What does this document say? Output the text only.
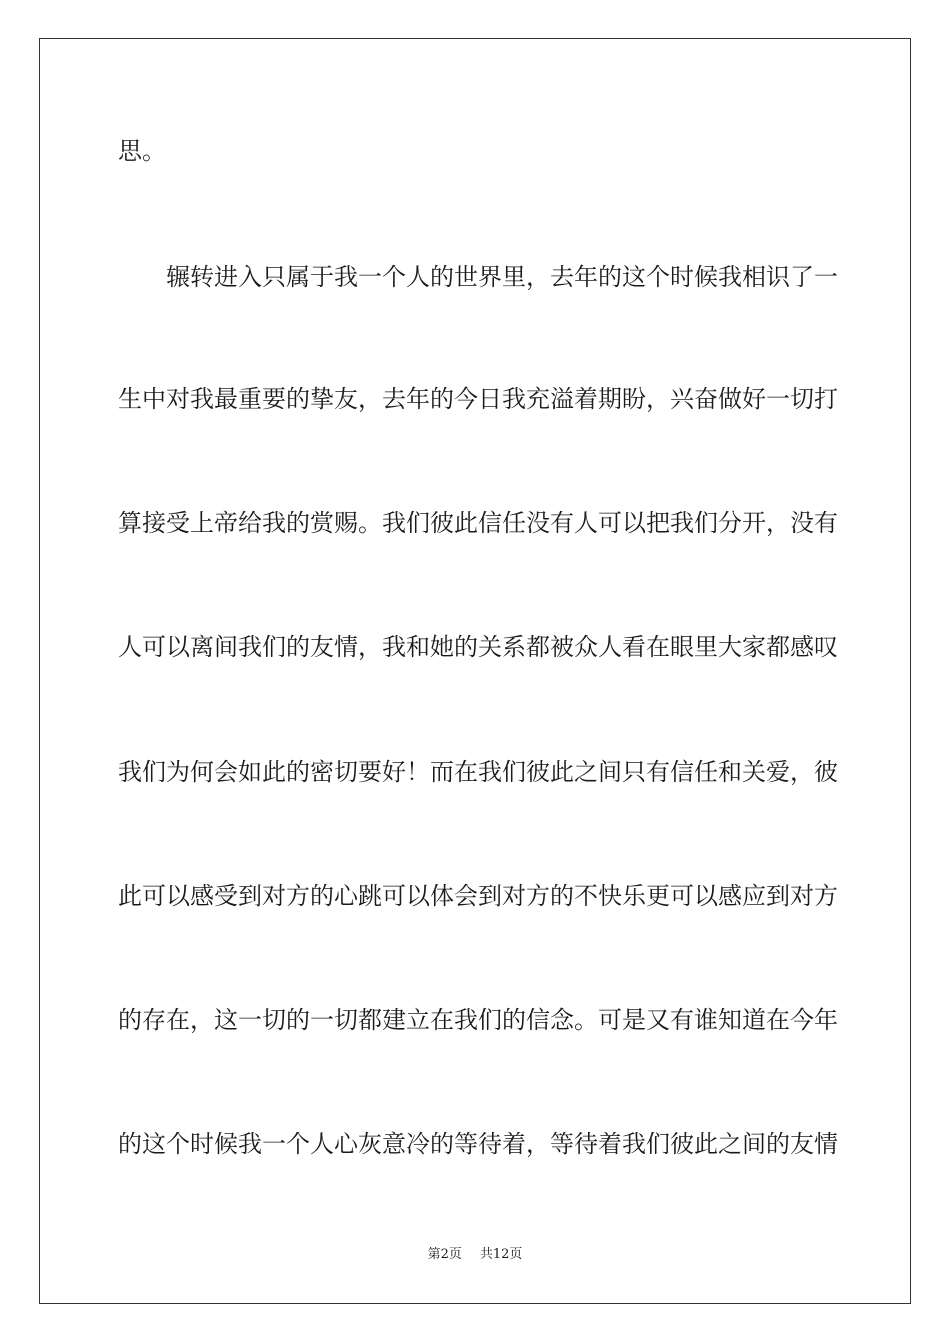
思。
　　辗转进入只属于我一个人的世界里，去年的这个时候我相识了一
生中对我最重要的挚友，去年的今日我充溢着期盼，兴奋做好一切打
算接受上帝给我的赏赐。我们彼此信任没有人可以把我们分开，没有
人可以离间我们的友情，我和她的关系都被众人看在眼里大家都感叹
我们为何会如此的密切要好！而在我们彼此之间只有信任和关爱，彼
此可以感受到对方的心跳可以体会到对方的不快乐更可以感应到对方
的存在，这一切的一切都建立在我们的信念。可是又有谁知道在今年
的这个时候我一个人心灰意冷的等待着，等待着我们彼此之间的友情
第2页 共12页
